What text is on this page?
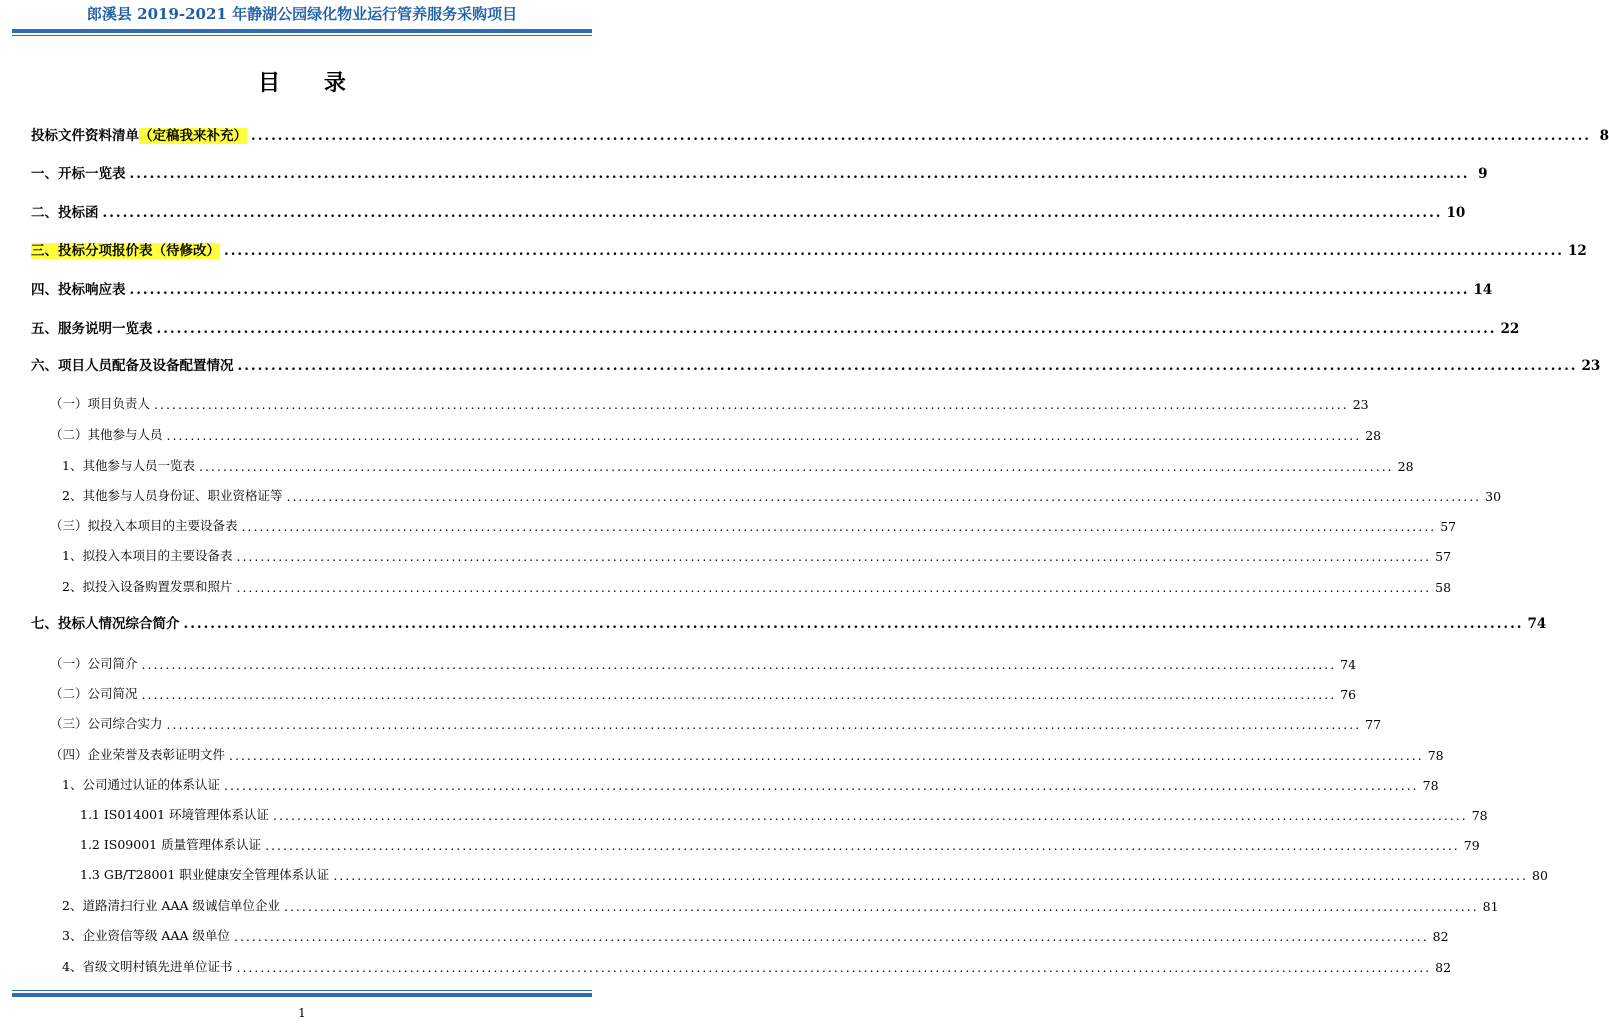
郎溪县 2019-2021 年静湖公园绿化物业运行管养服务采购项目
目 录
投标文件资料清单（定稿我来补充） ........................................................................................................................................................................................................ 8
一、开标一览表 ........................................................................................................................................................................................................ 9
二、投标函 ........................................................................................................................................................................................................ 10
三、投标分项报价表（待修改） ........................................................................................................................................................................................................ 12
四、投标响应表 ........................................................................................................................................................................................................ 14
五、服务说明一览表 ........................................................................................................................................................................................................ 22
六、项目人员配备及设备配置情况 ........................................................................................................................................................................................................ 23
（一）项目负责人 ........................................................................................................................................................................................................ 23
（二）其他参与人员 ........................................................................................................................................................................................................ 28
1、其他参与人员一览表 ........................................................................................................................................................................................................ 28
2、其他参与人员身份证、职业资格证等 ........................................................................................................................................................................................................ 30
（三）拟投入本项目的主要设备表 ........................................................................................................................................................................................................ 57
1、拟投入本项目的主要设备表 ........................................................................................................................................................................................................ 57
2、拟投入设备购置发票和照片 ........................................................................................................................................................................................................ 58
七、投标人情况综合简介 ........................................................................................................................................................................................................ 74
（一）公司简介 ........................................................................................................................................................................................................ 74
（二）公司简况 ........................................................................................................................................................................................................ 76
（三）公司综合实力 ........................................................................................................................................................................................................ 77
（四）企业荣誉及表彰证明文件 ........................................................................................................................................................................................................ 78
1、公司通过认证的体系认证 ........................................................................................................................................................................................................ 78
1.1 IS014001 环境管理体系认证 ........................................................................................................................................................................................................ 78
1.2 IS09001 质量管理体系认证 ........................................................................................................................................................................................................ 79
1.3 GB/T28001 职业健康安全管理体系认证 ........................................................................................................................................................................................................ 80
2、道路清扫行业 AAA 级诚信单位企业 ........................................................................................................................................................................................................ 81
3、企业资信等级 AAA 级单位 ........................................................................................................................................................................................................ 82
4、省级文明村镇先进单位证书 ........................................................................................................................................................................................................ 82
1
